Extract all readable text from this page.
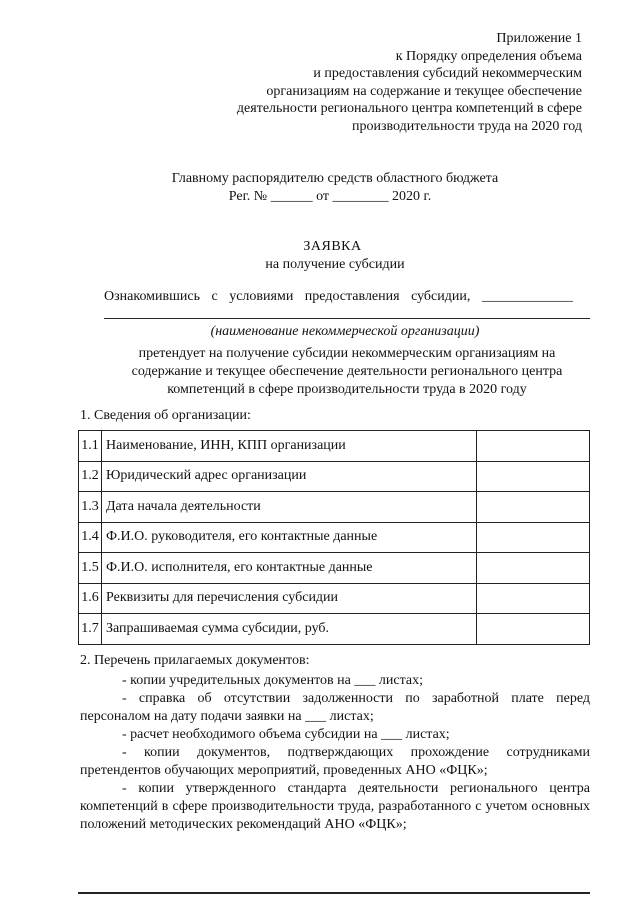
Приложение 1
к Порядку определения объема
и предоставления субсидий некоммерческим
организациям на содержание и текущее обеспечение
деятельности регионального центра компетенций в сфере
производительности труда на 2020 год
Главному распорядителю средств областного бюджета
Рег. № ______ от ________ 2020 г.
ЗАЯВКА
на получение субсидии
Ознакомившись с условиями предоставления субсидии, _____________
(наименование некоммерческой организации)
претендует на получение субсидии некоммерческим организациям на
содержание и текущее обеспечение деятельности регионального центра
компетенций в сфере производительности труда в 2020 году
1. Сведения об организации:
1.1	Наименование, ИНН, КПП организации	
1.2	Юридический адрес организации	
1.3	Дата начала деятельности	
1.4	Ф.И.О. руководителя, его контактные данные	
1.5	Ф.И.О. исполнителя, его контактные данные	
1.6	Реквизиты для перечисления субсидии	
1.7	Запрашиваемая сумма субсидии, руб.	
2. Перечень прилагаемых документов:

- копии учредительных документов на ___ листах;

- справка об отсутствии задолженности по заработной плате перед персоналом на дату подачи заявки на ___ листах;

- расчет необходимого объема субсидии на ___ листах;

- копии документов, подтверждающих прохождение сотрудниками претендентов обучающих мероприятий, проведенных АНО «ФЦК»;

- копии утвержденного стандарта деятельности регионального центра компетенций в сфере производительности труда, разработанного с учетом основных положений методических рекомендаций АНО «ФЦК»;
